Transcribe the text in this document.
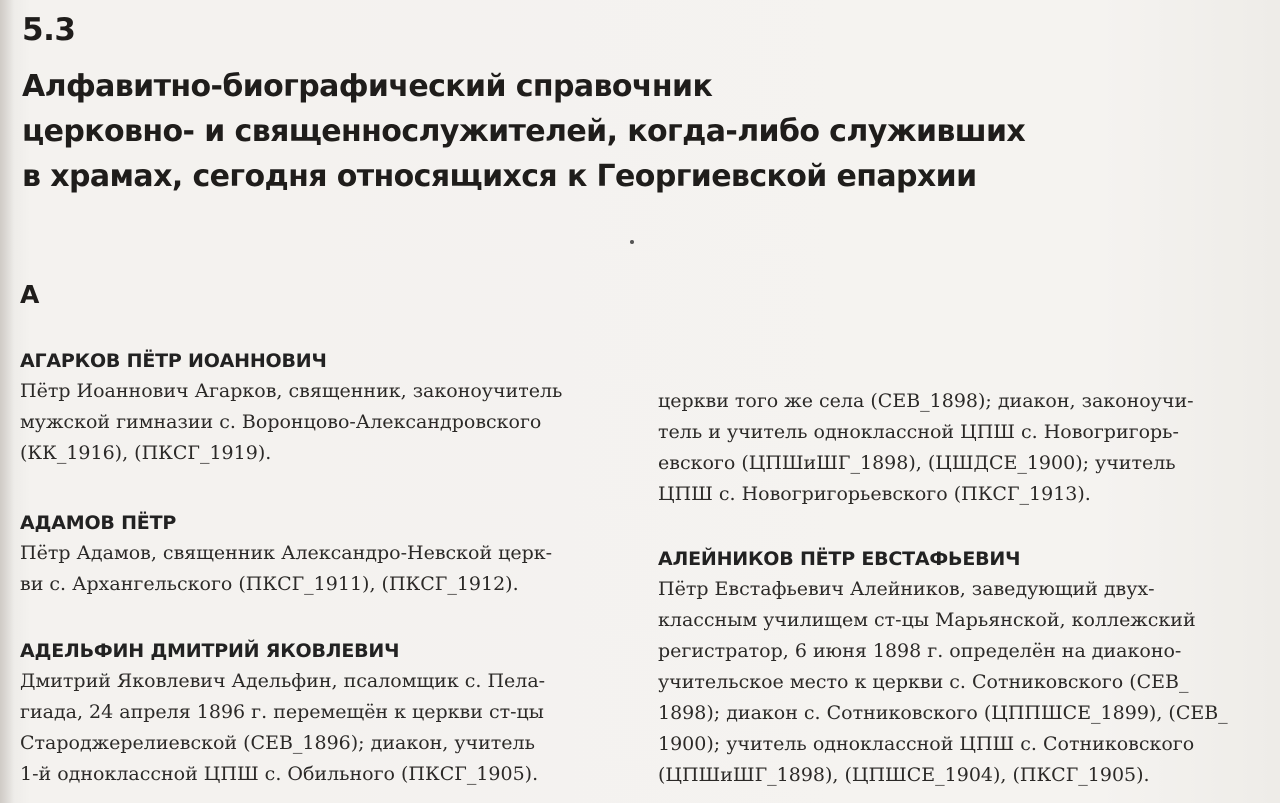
5.3
Алфавитно-биографический справочник
церковно- и священнослужителей, когда-либо служивших
в храмах, сегодня относящихся к Георгиевской епархии
А
АГАРКОВ ПЁТР ИОАННОВИЧ
Пётр Иоаннович Агарков, священник, законоучитель
мужской гимназии с. Воронцово-Александровского
(КК_1916), (ПКСГ_1919).
АДАМОВ ПЁТР
Пётр Адамов, священник Александро-Невской церк-
ви с. Архангельского (ПКСГ_1911), (ПКСГ_1912).
АДЕЛЬФИН ДМИТРИЙ ЯКОВЛЕВИЧ
Дмитрий Яковлевич Адельфин, псаломщик с. Пела-
гиада, 24 апреля 1896 г. перемещён к церкви ст-цы
Староджерелиевской (СЕВ_1896); диакон, учитель
1-й одноклассной ЦПШ с. Обильного (ПКСГ_1905).
церкви того же села (СЕВ_1898); диакон, законоучи-
тель и учитель одноклассной ЦПШ с. Новогригорь-
евского (ЦПШиШГ_1898), (ЦШДСЕ_1900); учитель
ЦПШ с. Новогригорьевского (ПКСГ_1913).
АЛЕЙНИКОВ ПЁТР ЕВСТАФЬЕВИЧ
Пётр Евстафьевич Алейников, заведующий двух-
классным училищем ст-цы Марьянской, коллежский
регистратор, 6 июня 1898 г. определён на диаконо-
учительское место к церкви с. Сотниковского (СЕВ_
1898); диакон с. Сотниковского (ЦППШСЕ_1899), (СЕВ_
1900); учитель одноклассной ЦПШ с. Сотниковского
(ЦПШиШГ_1898), (ЦПШСЕ_1904), (ПКСГ_1905).
